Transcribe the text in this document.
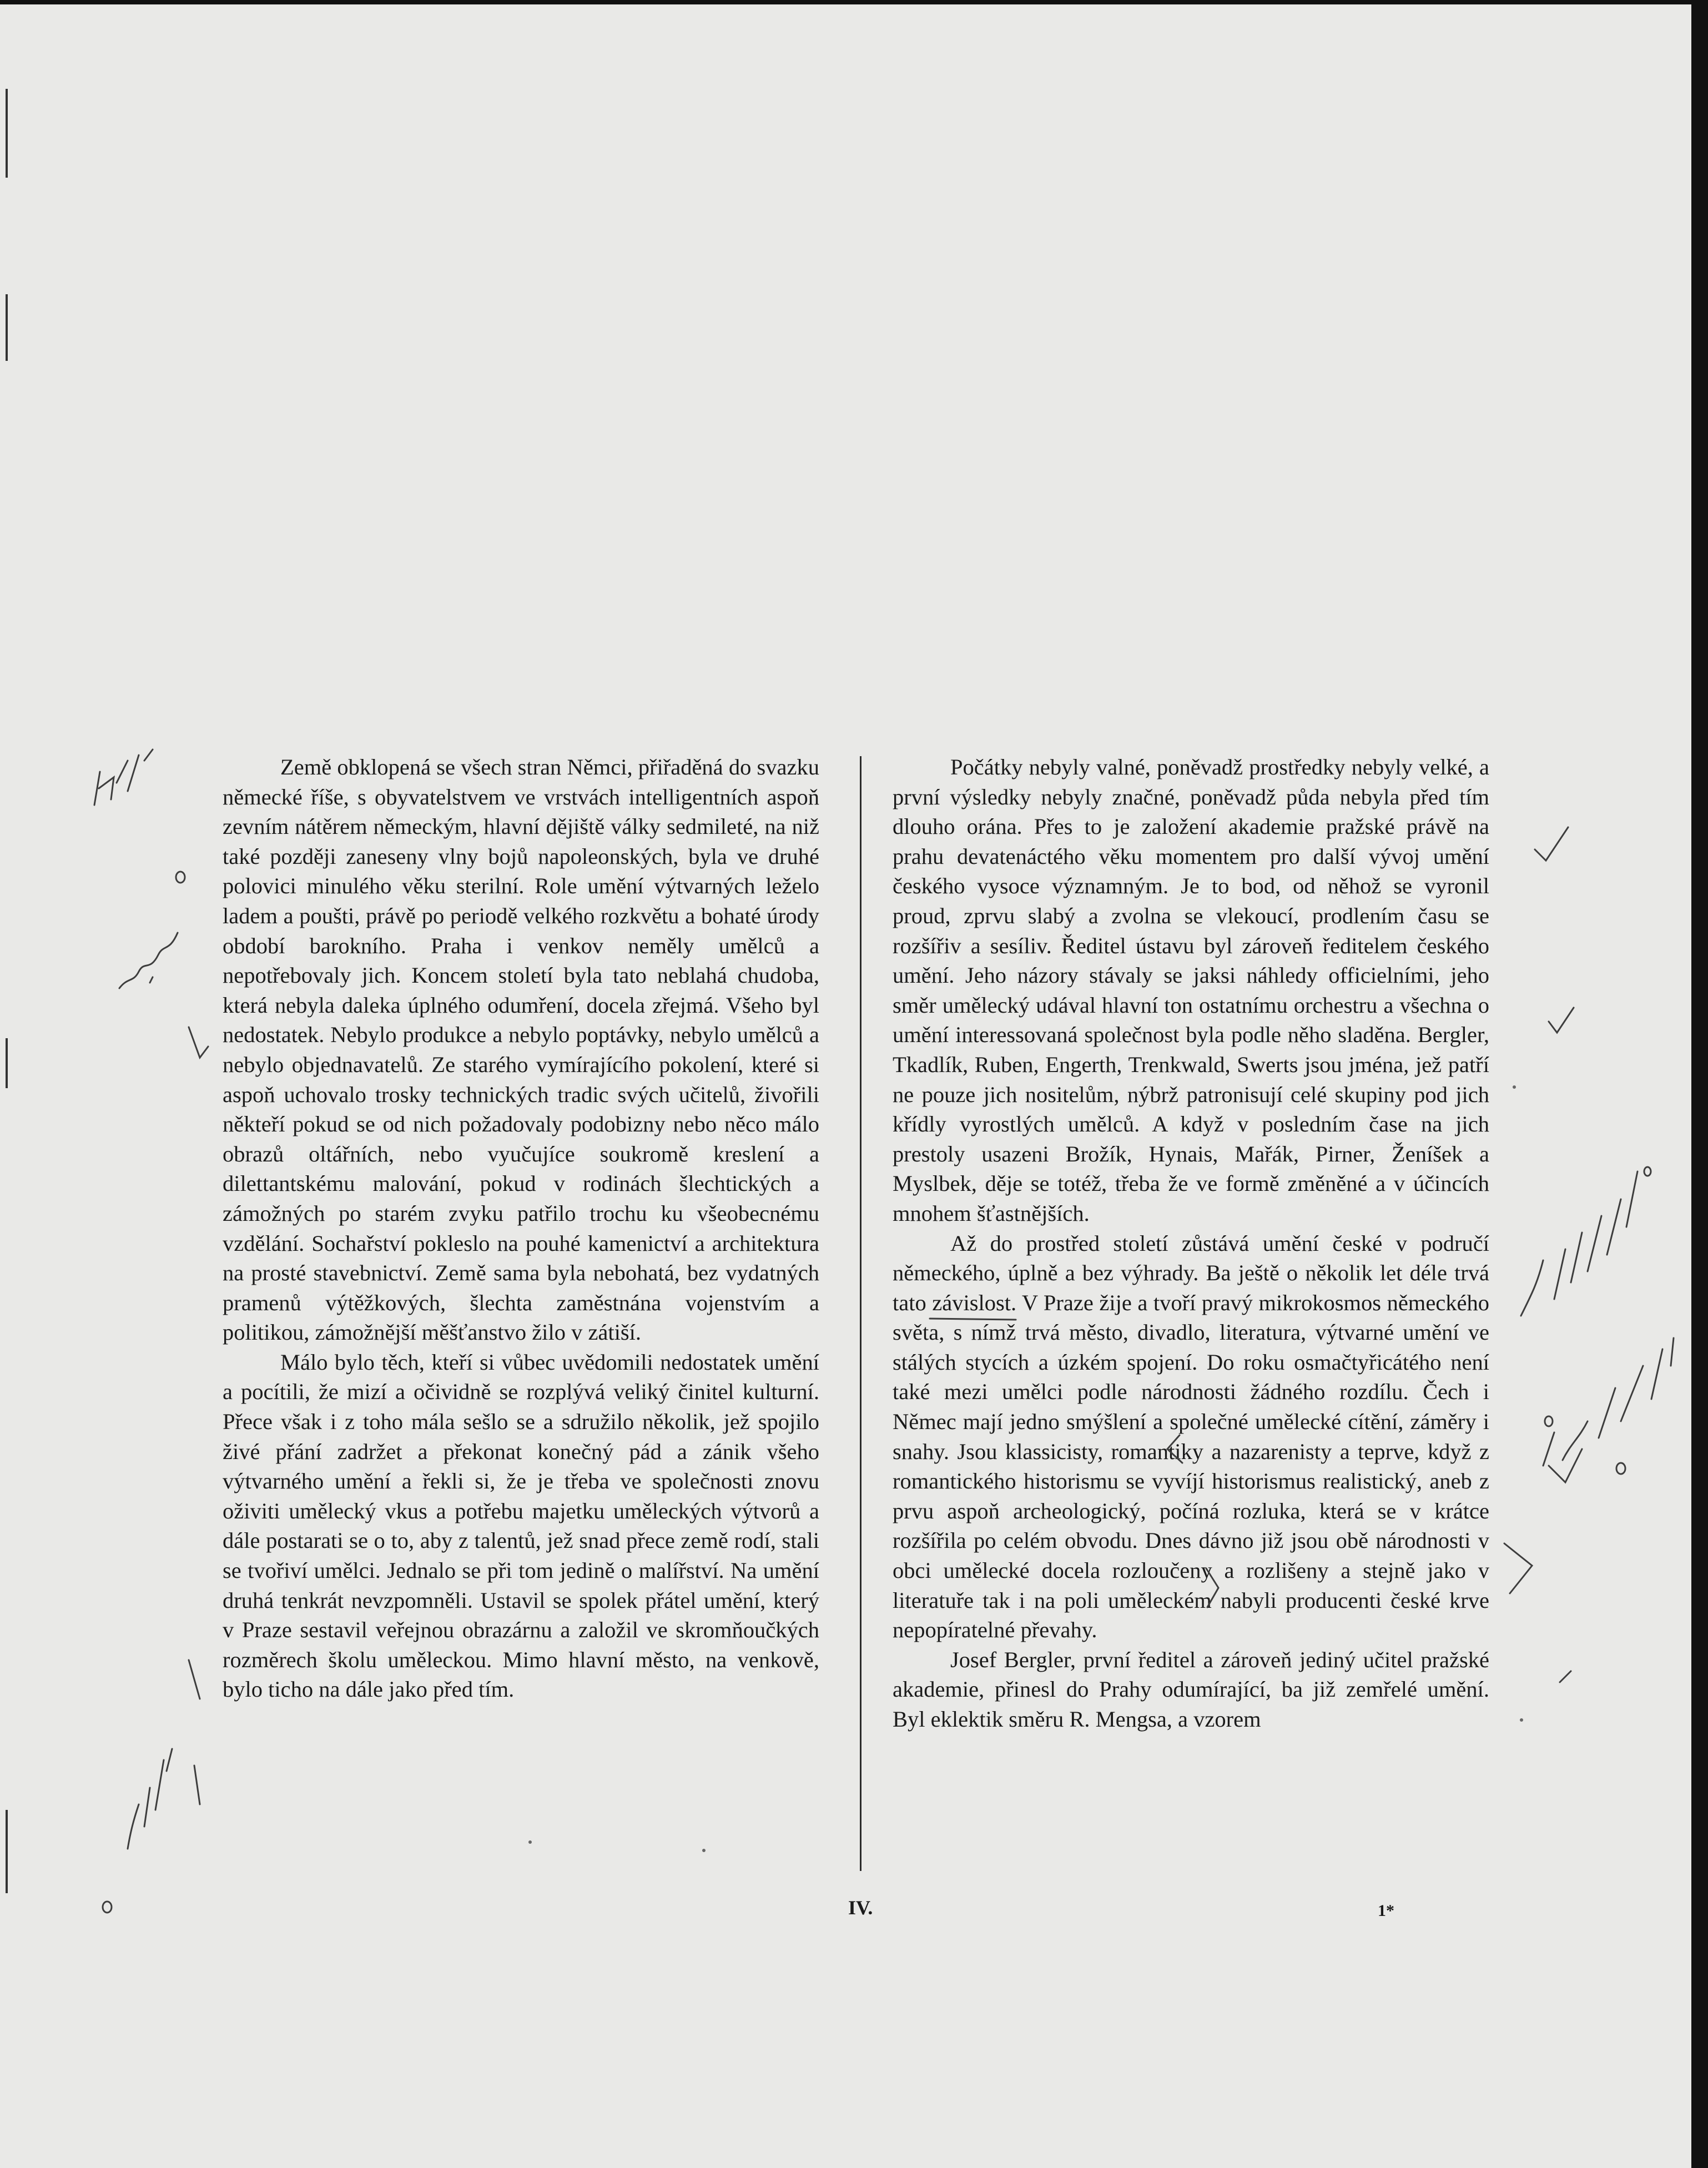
Země obklopená se všech stran Němci, přiřaděná do svazku německé říše, s obyvatelstvem ve vrstvách intelligentních aspoň zevním nátěrem německým, hlavní dějiště války sedmileté, na niž také později zaneseny vlny bojů napoleonských, byla ve druhé polovici minulého věku sterilní. Role umění výtvarných leželo ladem a poušti, právě po periodě velkého rozkvětu a bohaté úrody období barokního. Praha i venkov neměly umělců a nepotřebovaly jich. Koncem století byla tato neblahá chudoba, která nebyla daleka úplného odumření, docela zřejmá. Všeho byl nedostatek. Nebylo produkce a nebylo poptávky, nebylo umělců a nebylo objednavatelů. Ze starého vymírajícího pokolení, které si aspoň uchovalo trosky technických tradic svých učitelů, živořili někteří pokud se od nich požadovaly podobizny nebo něco málo obrazů oltářních, nebo vyučujíce soukromě kreslení a dilettantskému malování, pokud v rodinách šlechtických a zámožných po starém zvyku patřilo trochu ku všeobecnému vzdělání. Sochařství pokleslo na pouhé kamenictví a architektura na prosté stavebnictví. Země sama byla nebohatá, bez vydatných pramenů výtěžkových, šlechta zaměstnána vojenstvím a politikou, zámožnější měšťanstvo žilo v zátiší.

Málo bylo těch, kteří si vůbec uvědomili nedostatek umění a pocítili, že mizí a očividně se rozplývá veliký činitel kulturní. Přece však i z toho mála sešlo se a sdružilo několik, jež spojilo živé přání zadržet a překonat konečný pád a zánik všeho výtvarného umění a řekli si, že je třeba ve společnosti znovu oživiti umělecký vkus a potřebu majetku uměleckých výtvorů a dále postarati se o to, aby z talentů, jež snad přece země rodí, stali se tvořiví umělci. Jednalo se při tom jedině o malířství. Na umění druhá tenkrát nevzpomněli. Ustavil se spolek přátel umění, který v Praze sestavil veřejnou obrazárnu a založil ve skromňoučkých rozměrech školu uměleckou. Mimo hlavní město, na venkově, bylo ticho na dále jako před tím.

Počátky nebyly valné, poněvadž prostředky nebyly velké, a první výsledky nebyly značné, poněvadž půda nebyla před tím dlouho orána. Přes to je založení akademie pražské právě na prahu devatenáctého věku momentem pro další vývoj umění českého vysoce významným. Je to bod, od něhož se vyronil proud, zprvu slabý a zvolna se vlekoucí, prodlením času se rozšířiv a sesíliv. Ředitel ústavu byl zároveň ředitelem českého umění. Jeho názory stávaly se jaksi náhledy officielními, jeho směr umělecký udával hlavní ton ostatnímu orchestru a všechna o umění interessovaná společnost byla podle něho sladěna. Bergler, Tkadlík, Ruben, Engerth, Trenkwald, Swerts jsou jména, jež patří ne pouze jich nositelům, nýbrž patronisují celé skupiny pod jich křídly vyrostlých umělců. A když v posledním čase na jich prestoly usazeni Brožík, Hynais, Mařák, Pirner, Ženíšek a Myslbek, děje se totéž, třeba že ve formě změněné a v účincích mnohem šťastnějších.

Až do prostřed století zůstává umění české v područí německého, úplně a bez výhrady. Ba ještě o několik let déle trvá tato závislost. V Praze žije a tvoří pravý mikrokosmos německého světa, s nímž trvá město, divadlo, literatura, výtvarné umění ve stálých stycích a úzkém spojení. Do roku osmačtyřicátého není také mezi umělci podle národnosti žádného rozdílu. Čech i Němec mají jedno smýšlení a společné umělecké cítění, záměry i snahy. Jsou klassicisty, romantiky a nazarenisty a teprve, když z romantického historismu se vyvíjí historismus realistický, aneb z prvu aspoň archeologický, počíná rozluka, která se v krátce rozšířila po celém obvodu. Dnes dávno již jsou obě národnosti v obci umělecké docela rozloučeny a rozlišeny a stejně jako v literatuře tak i na poli uměleckém nabyli producenti české krve nepopíratelné převahy.

Josef Bergler, první ředitel a zároveň jediný učitel pražské akademie, přinesl do Prahy odumírající, ba již zemřelé umění. Byl eklektik směru R. Mengsa, a vzorem

IV.	1*
